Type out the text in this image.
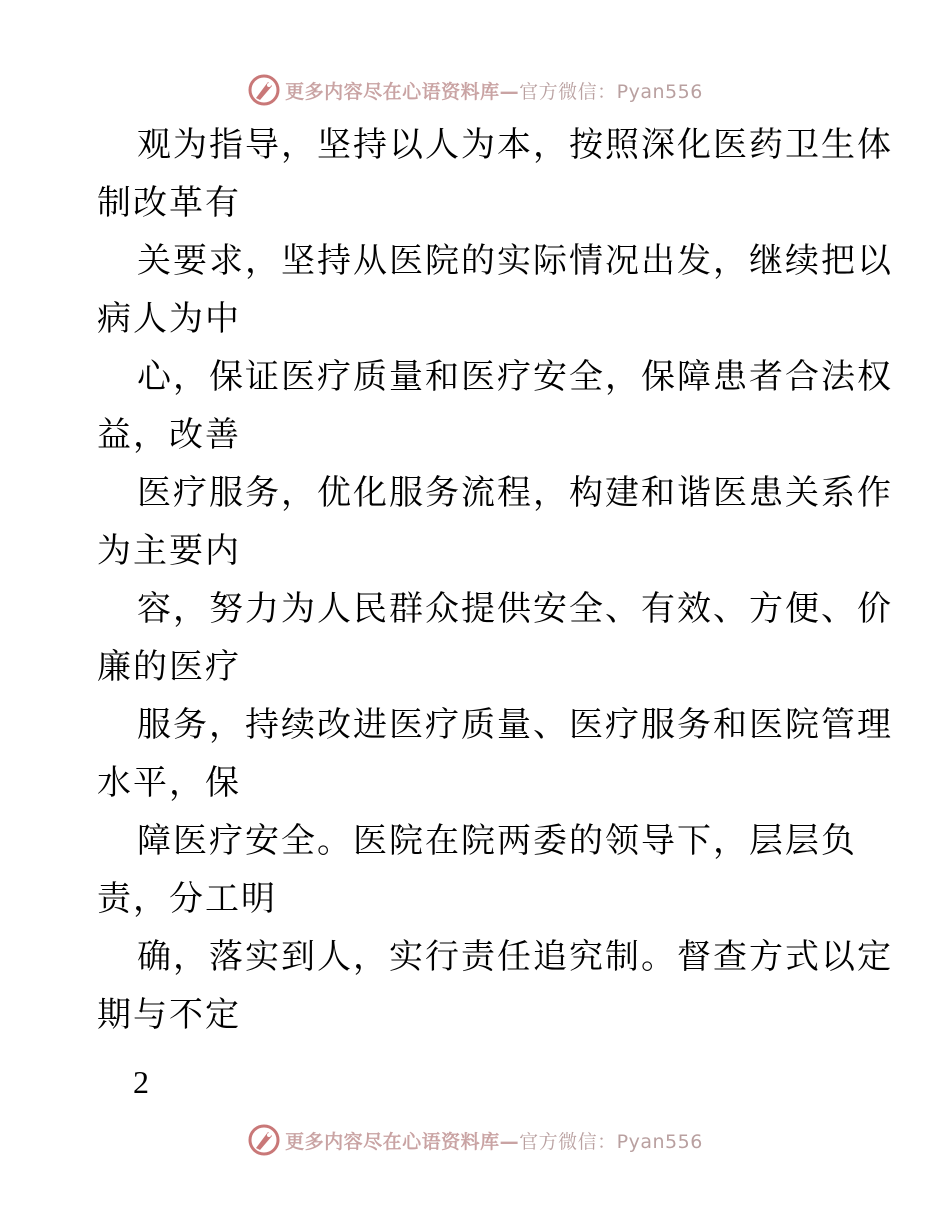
更多内容尽在心语资料库—官方微信：Pyan556
观为指导，坚持以人为本，按照深化医药卫生体
制改革有
关要求，坚持从医院的实际情况出发，继续把以
病人为中
心，保证医疗质量和医疗安全，保障患者合法权
益，改善
医疗服务，优化服务流程，构建和谐医患关系作
为主要内
容，努力为人民群众提供安全、有效、方便、价
廉的医疗
服务，持续改进医疗质量、医疗服务和医院管理
水平，保
障医疗安全。医院在院两委的领导下，层层负
责，分工明
确，落实到人，实行责任追究制。督查方式以定
期与不定
2
更多内容尽在心语资料库—官方微信：Pyan556
